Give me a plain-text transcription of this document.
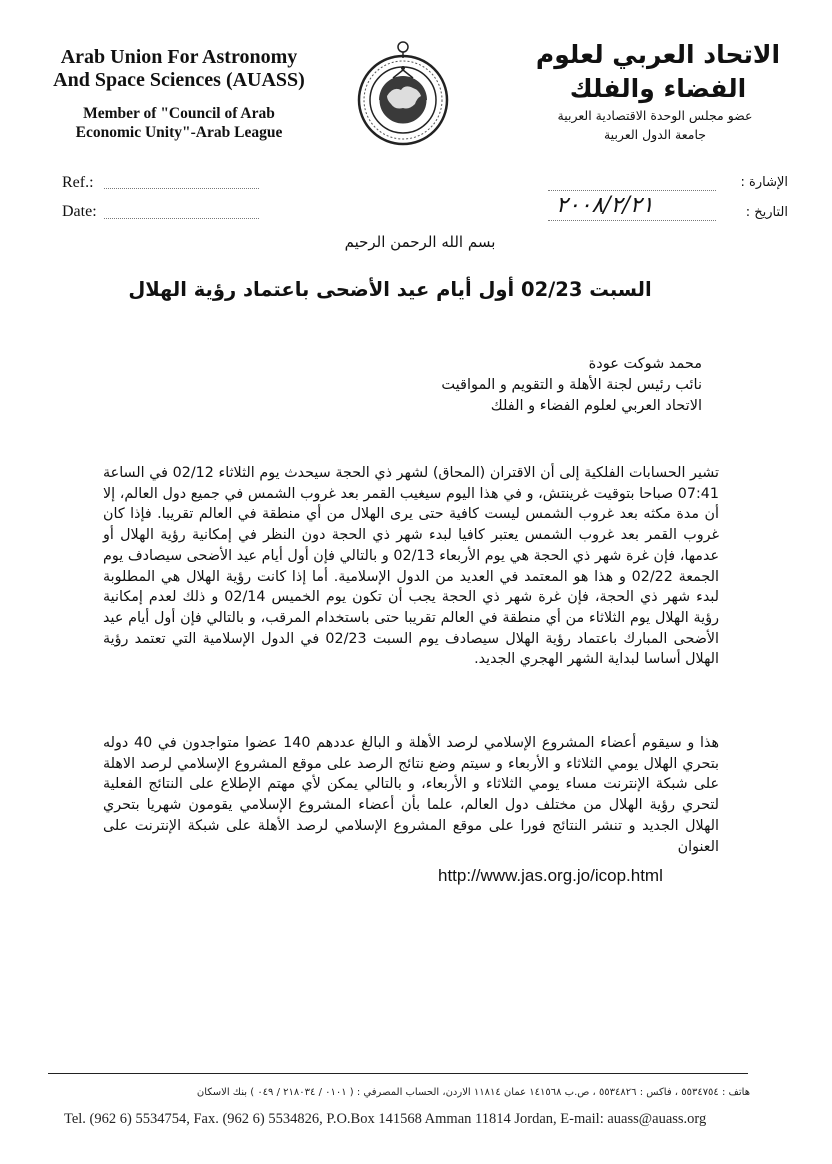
Arab Union For Astronomy
And Space Sciences (AUASS)
Member of "Council of Arab
Economic Unity"-Arab League
الاتحاد العربي لعلوم
الفضاء والفلك
عضو مجلس الوحدة الاقتصادية العربية
جامعة الدول العربية
Ref.:
Date:
الإشارة :
التاريخ :
٢٠٠٨/٢/٢١
بسم الله الرحمن الرحيم
السبت 02/23 أول أيام عيد الأضحى باعتماد رؤية الهلال
محمد شوكت عودة
نائب رئيس لجنة الأهلة و التقويم و المواقيت
الاتحاد العربي لعلوم الفضاء و الفلك
تشير الحسابات الفلكية إلى أن الاقتران (المحاق) لشهر ذي الحجة سيحدث يوم الثلاثاء 02/12 في الساعة 07:41 صباحا بتوقيت غرينتش، و في هذا اليوم سيغيب القمر بعد غروب الشمس في جميع دول العالم، إلا أن مدة مكثه بعد غروب الشمس ليست كافية حتى يرى الهلال من أي منطقة في العالم تقريبا. فإذا كان غروب القمر بعد غروب الشمس يعتبر كافيا لبدء شهر ذي الحجة دون النظر في إمكانية رؤية الهلال أو عدمها، فإن غرة شهر ذي الحجة هي يوم الأربعاء 02/13 و بالتالي فإن أول أيام عيد الأضحى سيصادف يوم الجمعة 02/22 و هذا هو المعتمد في العديد من الدول الإسلامية. أما إذا كانت رؤية الهلال هي المطلوبة لبدء شهر ذي الحجة، فإن غرة شهر ذي الحجة يجب أن تكون يوم الخميس 02/14 و ذلك لعدم إمكانية رؤية الهلال يوم الثلاثاء من أي منطقة في العالم تقريبا حتى باستخدام المرقب، و بالتالي فإن أول أيام عيد الأضحى المبارك باعتماد رؤية الهلال سيصادف يوم السبت 02/23 في الدول الإسلامية التي تعتمد رؤية الهلال أساسا لبداية الشهر الهجري الجديد.
هذا و سيقوم أعضاء المشروع الإسلامي لرصد الأهلة و البالغ عددهم 140 عضوا متواجدون في 40 دوله بتحري الهلال يومي الثلاثاء و الأربعاء و سيتم وضع نتائج الرصد على موقع المشروع الإسلامي لرصد الاهلة على شبكة الإنترنت مساء يومي الثلاثاء و الأربعاء، و بالتالي يمكن لأي مهتم الإطلاع على النتائج الفعلية لتحري رؤية الهلال من مختلف دول العالم، علما بأن أعضاء المشروع الإسلامي يقومون شهريا بتحري الهلال الجديد و تنشر النتائج فورا على موقع المشروع الإسلامي لرصد الأهلة على شبكة الإنترنت على العنوان
http://www.jas.org.jo/icop.html
هاتف : ٥٥٣٤٧٥٤ ، فاكس : ٥٥٣٤٨٢٦ ، ص.ب ١٤١٥٦٨ عمان ١١٨١٤ الاردن، الحساب المصرفي : ( ٠١٠١ / ٢١٨٠٣٤ / ٠٤٩ ) بنك الاسكان
Tel. (962 6) 5534754, Fax. (962 6) 5534826, P.O.Box 141568 Amman 11814 Jordan, E-mail: auass@auass.org
